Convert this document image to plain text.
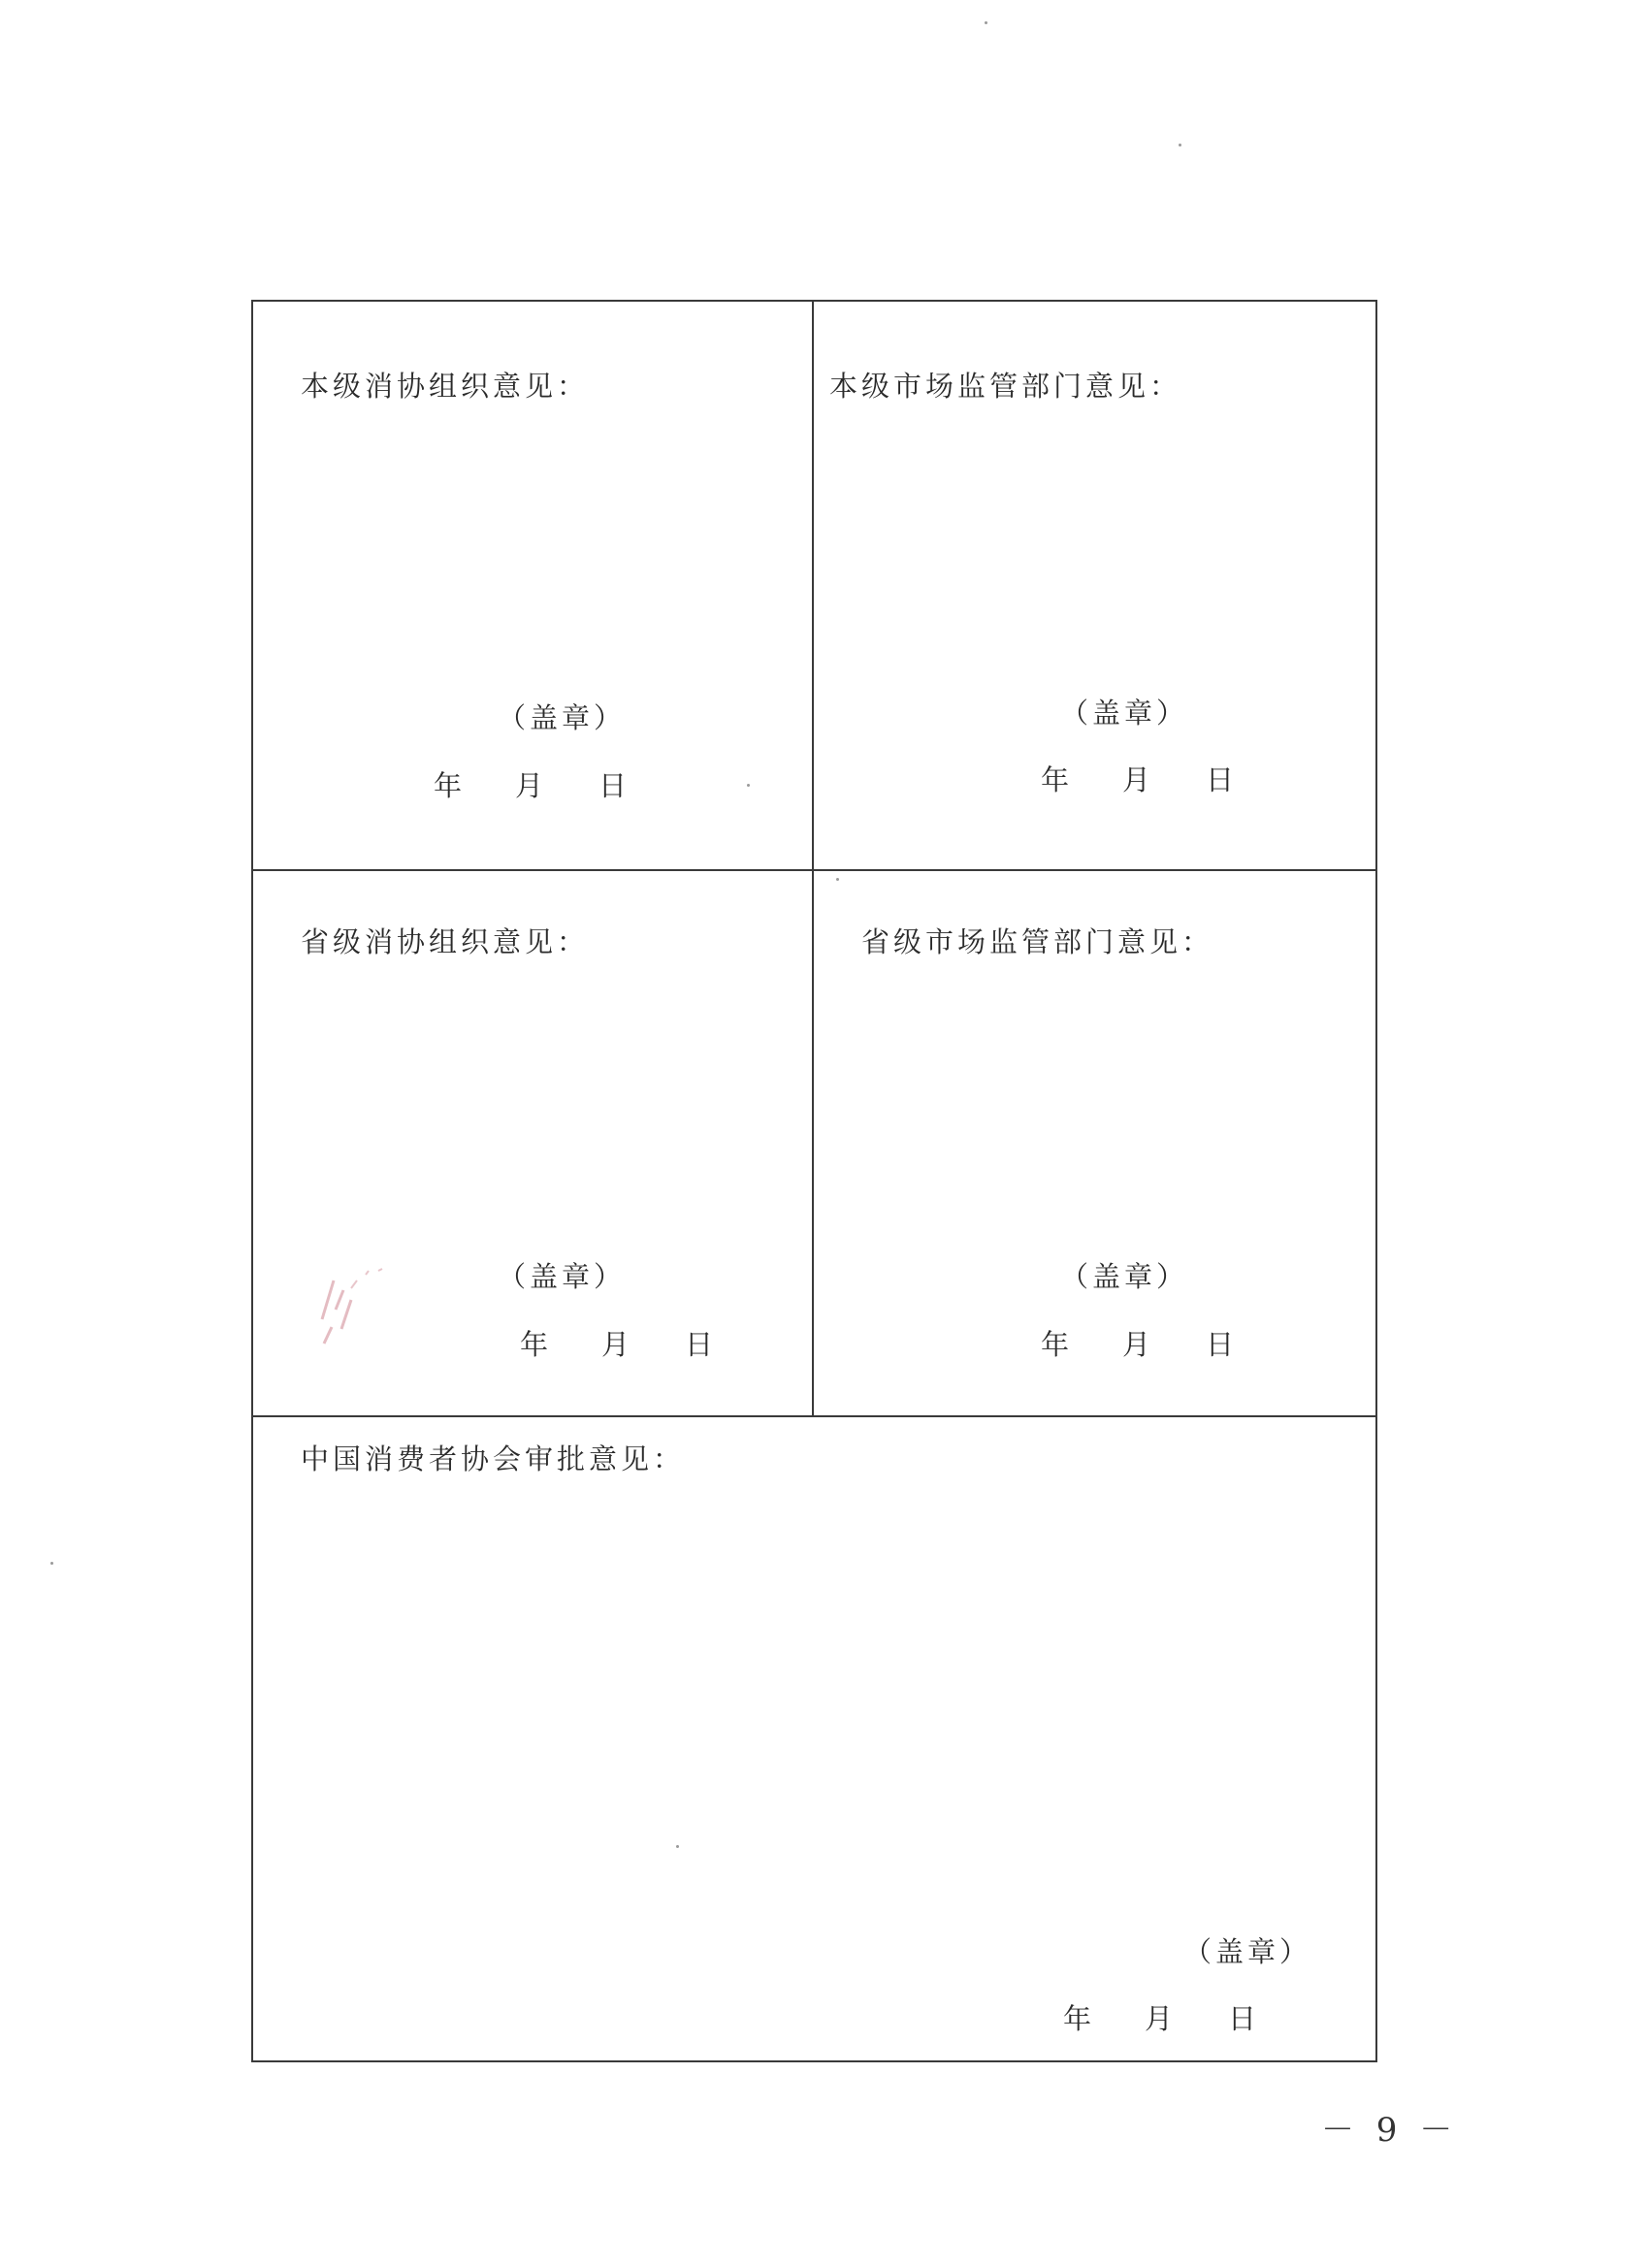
本级消协组织意见：
（盖章）
年 月 日
本级市场监管部门意见：
（盖章）
年 月 日
省级消协组织意见：
（盖章）
年 月 日
省级市场监管部门意见：
（盖章）
年 月 日
中国消费者协会审批意见：
（盖章）
年 月 日
－ 9 －
